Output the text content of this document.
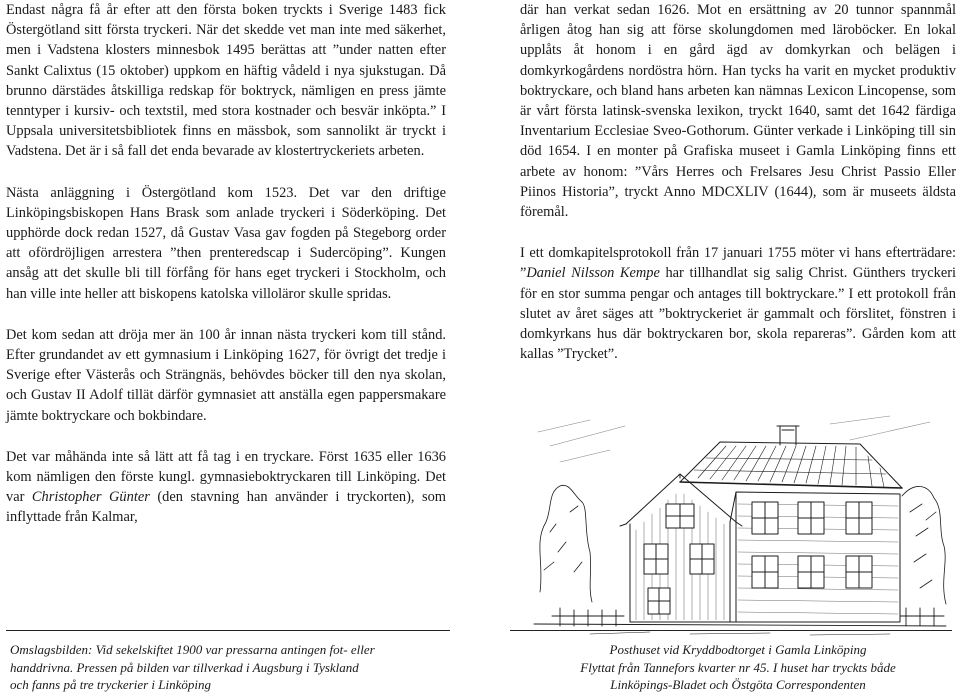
Endast några få år efter att den första boken tryckts i Sverige 1483 fick Östergötland sitt första tryckeri. När det skedde vet man inte med säkerhet, men i Vadstena klosters minnesbok 1495 berättas att ”under natten efter Sankt Calixtus (15 oktober) uppkom en häftig vådeld i nya sjukstugan. Då brunno därstädes åtskilliga redskap för boktryck, nämligen en press jämte tenntyper i kursiv- och textstil, med stora kostnader och besvär inköpta.” I Uppsala universitetsbibliotek finns en mässbok, som sannolikt är tryckt i Vadstena. Det är i så fall det enda bevarade av klostertryckeriets arbeten.

Nästa anläggning i Östergötland kom 1523. Det var den driftige Linköpingsbiskopen Hans Brask som anlade tryckeri i Söderköping. Det upphörde dock redan 1527, då Gustav Vasa gav fogden på Stegeborg order att ofördröjligen arrestera ”then prenteredscap i Sudercöping”. Kungen ansåg att det skulle bli till förfång för hans eget tryckeri i Stockholm, och han ville inte heller att biskopens katolska villoläror skulle spridas.

Det kom sedan att dröja mer än 100 år innan nästa tryckeri kom till stånd. Efter grundandet av ett gymnasium i Linköping 1627, för övrigt det tredje i Sverige efter Västerås och Strängnäs, behövdes böcker till den nya skolan, och Gustav II Adolf tillät därför gymnasiet att anställa egen pappersmakare jämte boktryckare och bokbindare.

Det var måhända inte så lätt att få tag i en tryckare. Först 1635 eller 1636 kom nämligen den förste kungl. gymnasieboktryckaren till Linköping. Det var Christopher Günter (den stavning han använder i tryckorten), som inflyttade från Kalmar,

där han verkat sedan 1626. Mot en ersättning av 20 tunnor spannmål årligen åtog han sig att förse skolungdomen med läroböcker. En lokal upplåts åt honom i en gård ägd av domkyrkan och belägen i domkyrkogårdens nordöstra hörn. Han tycks ha varit en mycket produktiv boktryckare, och bland hans arbeten kan nämnas Lexicon Lincopense, som är vårt första latinsk-svenska lexikon, tryckt 1640, samt det 1642 färdiga Inventarium Ecclesiae Sveo-Gothorum. Günter verkade i Linköping till sin död 1654. I en monter på Grafiska museet i Gamla Linköping finns ett arbete av honom: ”Vårs Herres och Frelsares Jesu Christ Passio Eller Piinos Historia”, tryckt Anno MDCXLIV (1644), som är museets äldsta föremål.

I ett domkapitelsprotokoll från 17 januari 1755 möter vi hans efterträdare: ”Daniel Nilsson Kempe har tillhandlat sig salig Christ. Günthers tryckeri för en stor summa pengar och antages till boktryckare.” I ett protokoll från slutet av året säges att ”boktryckeriet är gammalt och förslitet, fönstren i domkyrkans hus där boktryckaren bor, skola repareras”. Gården kom att kallas ”Trycket”.

Omslagsbilden: Vid sekelskiftet 1900 var pressarna antingen fot- eller
handdrivna. Pressen på bilden var tillverkad i Augsburg i Tyskland
och fanns på tre tryckerier i Linköping
Posthuset vid Kryddbodtorget i Gamla Linköping
Flyttat från Tannefors kvarter nr 45. I huset har tryckts både
Linköpings-Bladet och Östgöta Correspondenten
